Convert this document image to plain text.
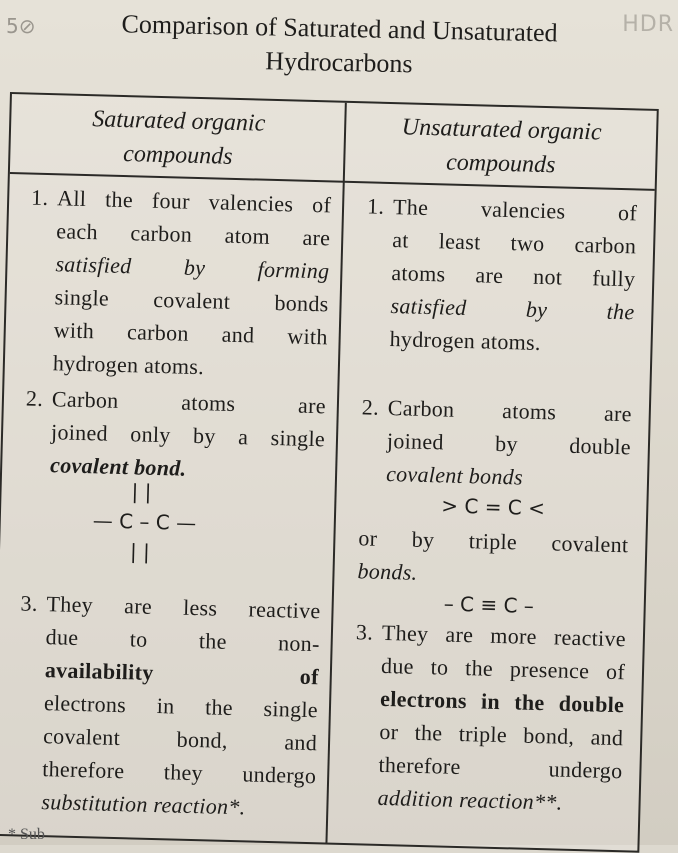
5⊘	HDR
Comparison of Saturated and Unsaturated
Hydrocarbons
Saturated organic
compounds
Unsaturated organic
compounds
1. All the four valencies of
each carbon atom are
satisfied by forming
single covalent bonds
with carbon and with
hydrogen atoms.
2. Carbon atoms are
joined only by a single
covalent bond.
| |
— C – C —
| |
3. They are less reactive
due to the non-
availability of
electrons in the single
covalent bond, and
therefore they undergo
substitution reaction*.
1. The valencies of
at least two carbon
atoms are not fully
satisfied by the
hydrogen atoms.
2. Carbon atoms are
joined by double
covalent bonds
> C = C <
or by triple covalent
bonds.
– C ≡ C –
3. They are more reactive
due to the presence of
electrons in the double
or the triple bond, and
therefore undergo
addition reaction**.
* Sub
